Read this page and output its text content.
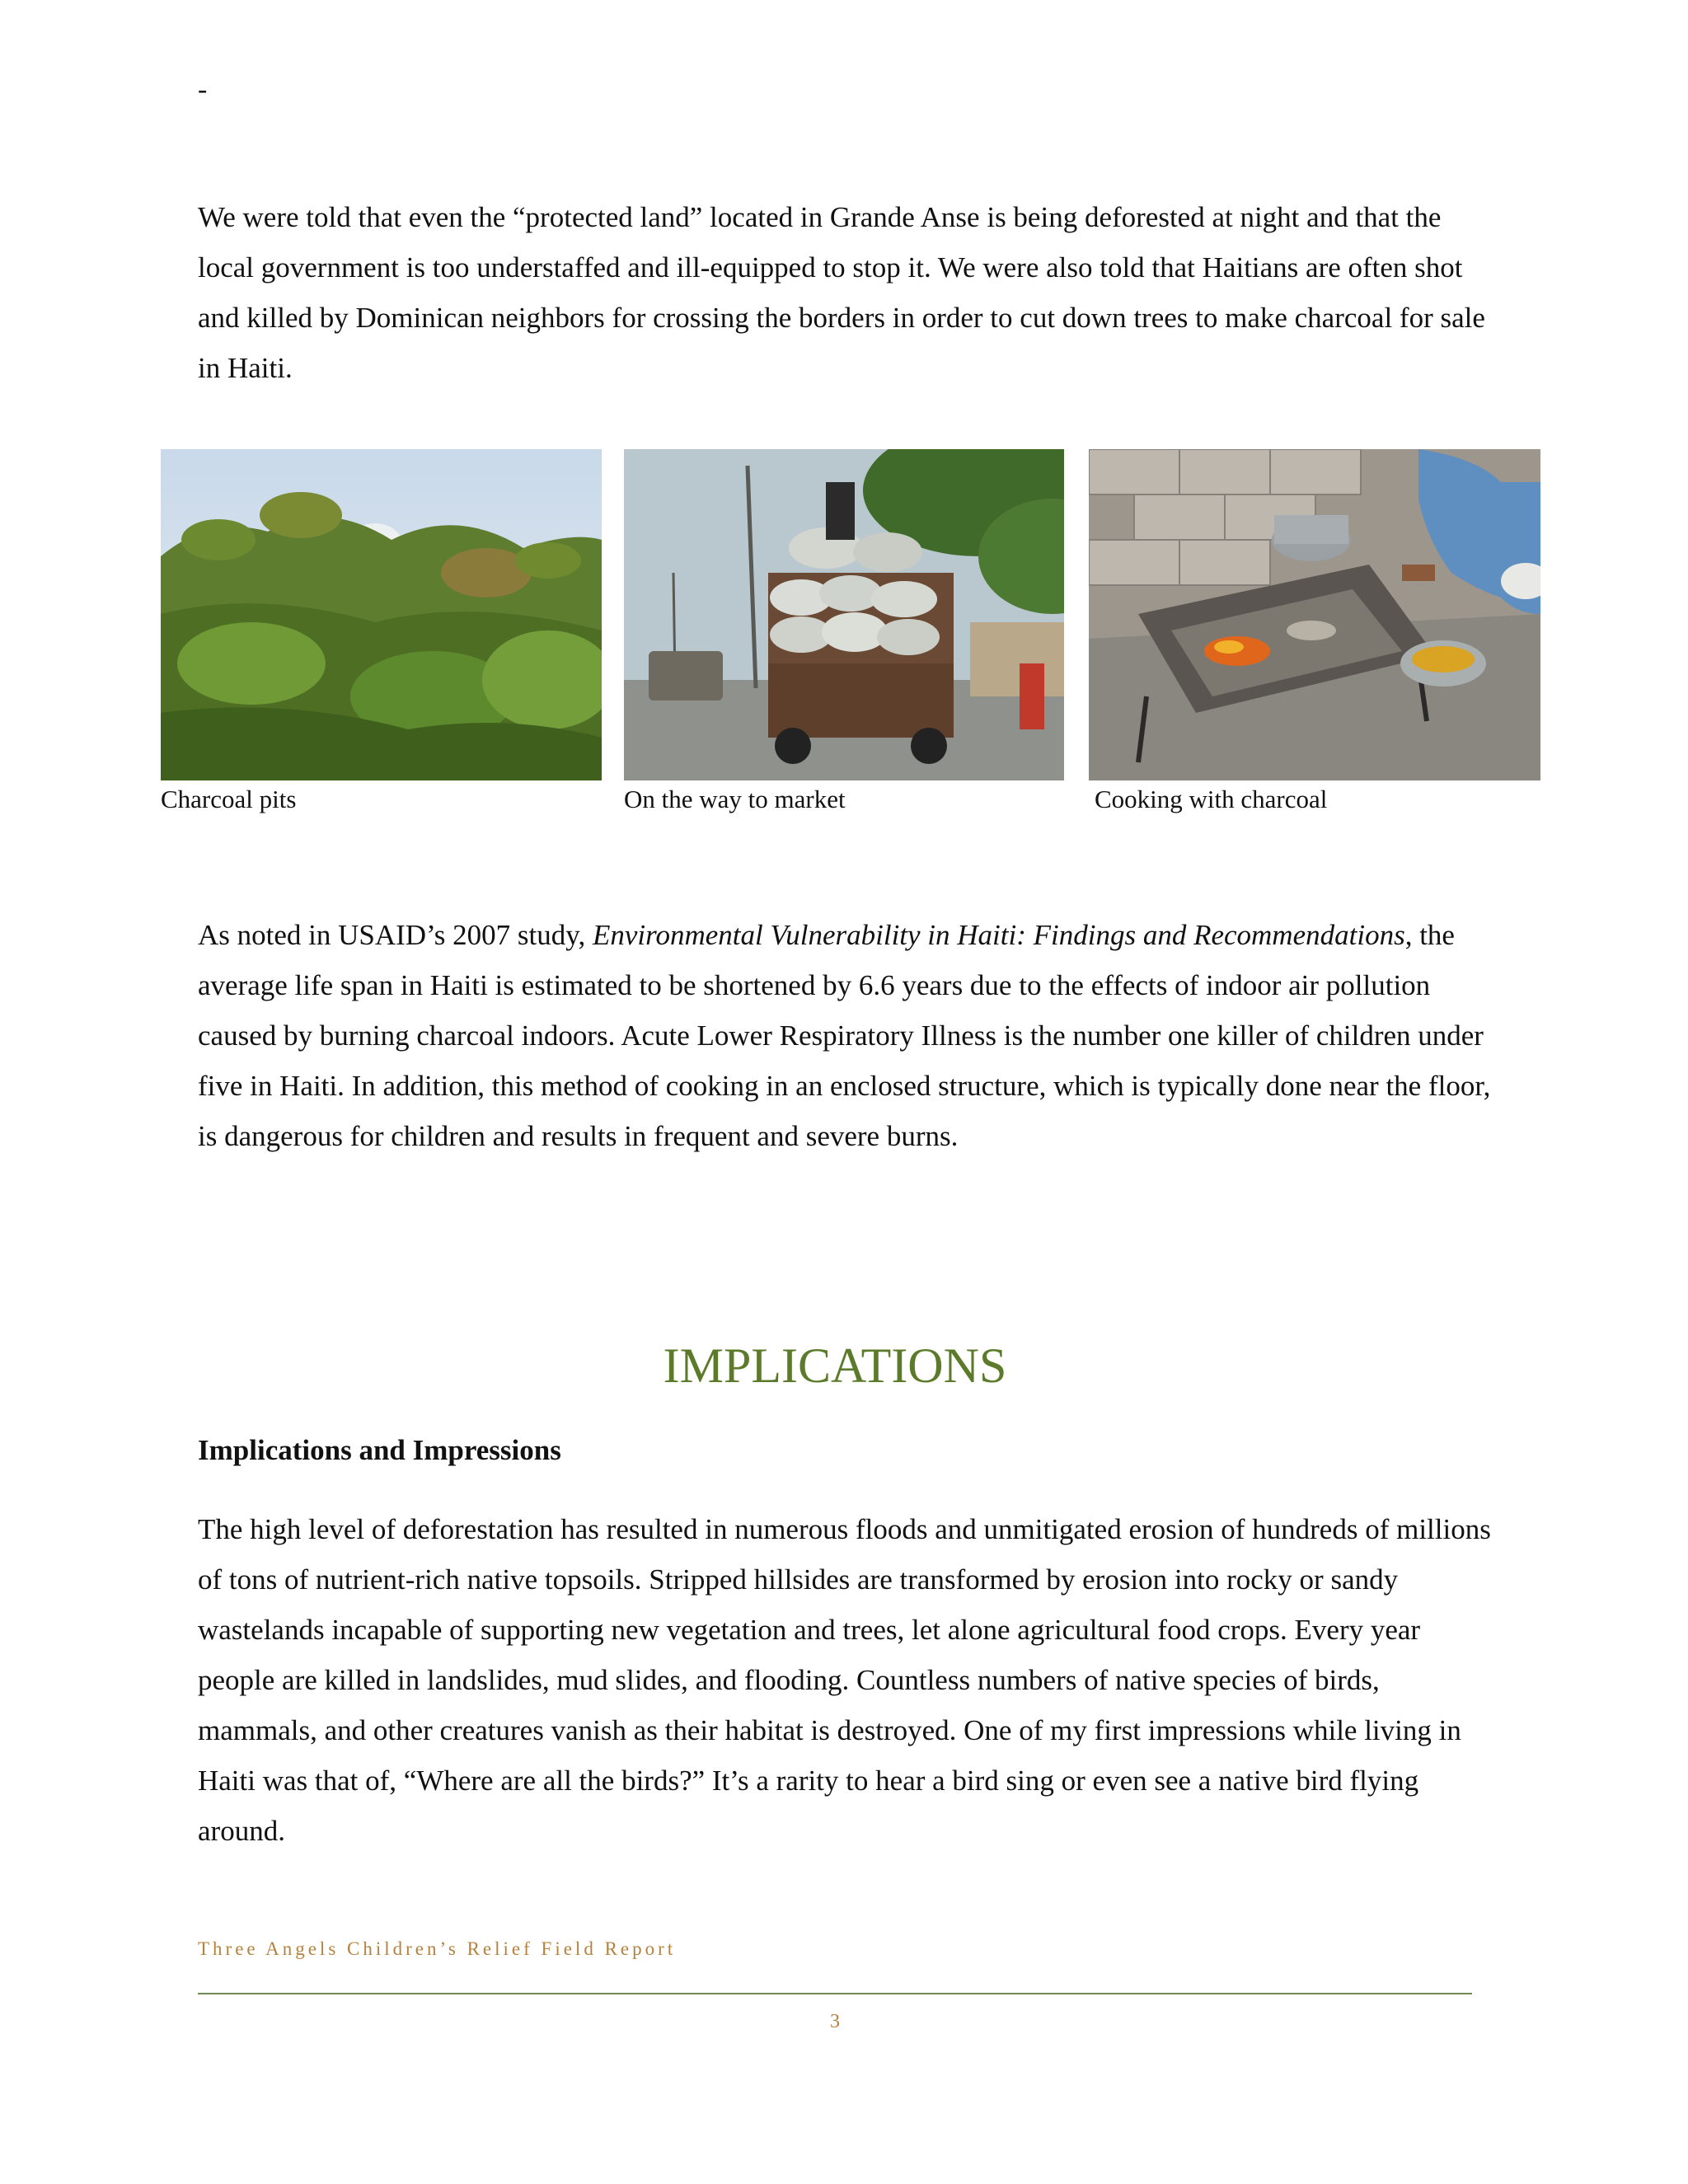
-

We were told that even the “protected land” located in Grande Anse is being deforested at night and that the local government is too understaffed and ill-equipped to stop it. We were also told that Haitians are often shot and killed by Dominican neighbors for crossing the borders in order to cut down trees to make charcoal for sale in Haiti.

Charcoal pits	On the way to market	Cooking with charcoal

As noted in USAID’s 2007 study, Environmental Vulnerability in Haiti: Findings and Recommendations, the average life span in Haiti is estimated to be shortened by 6.6 years due to the effects of indoor air pollution caused by burning charcoal indoors. Acute Lower Respiratory Illness is the number one killer of children under five in Haiti. In addition, this method of cooking in an enclosed structure, which is typically done near the floor, is dangerous for children and results in frequent and severe burns.

IMPLICATIONS
Implications and Impressions

The high level of deforestation has resulted in numerous floods and unmitigated erosion of hundreds of millions of tons of nutrient-rich native topsoils. Stripped hillsides are transformed by erosion into rocky or sandy wastelands incapable of supporting new vegetation and trees, let alone agricultural food crops. Every year people are killed in landslides, mud slides, and flooding. Countless numbers of native species of birds, mammals, and other creatures vanish as their habitat is destroyed. One of my first impressions while living in Haiti was that of, “Where are all the birds?” It’s a rarity to hear a bird sing or even see a native bird flying around.

Three Angels Children’s Relief Field Report
3
